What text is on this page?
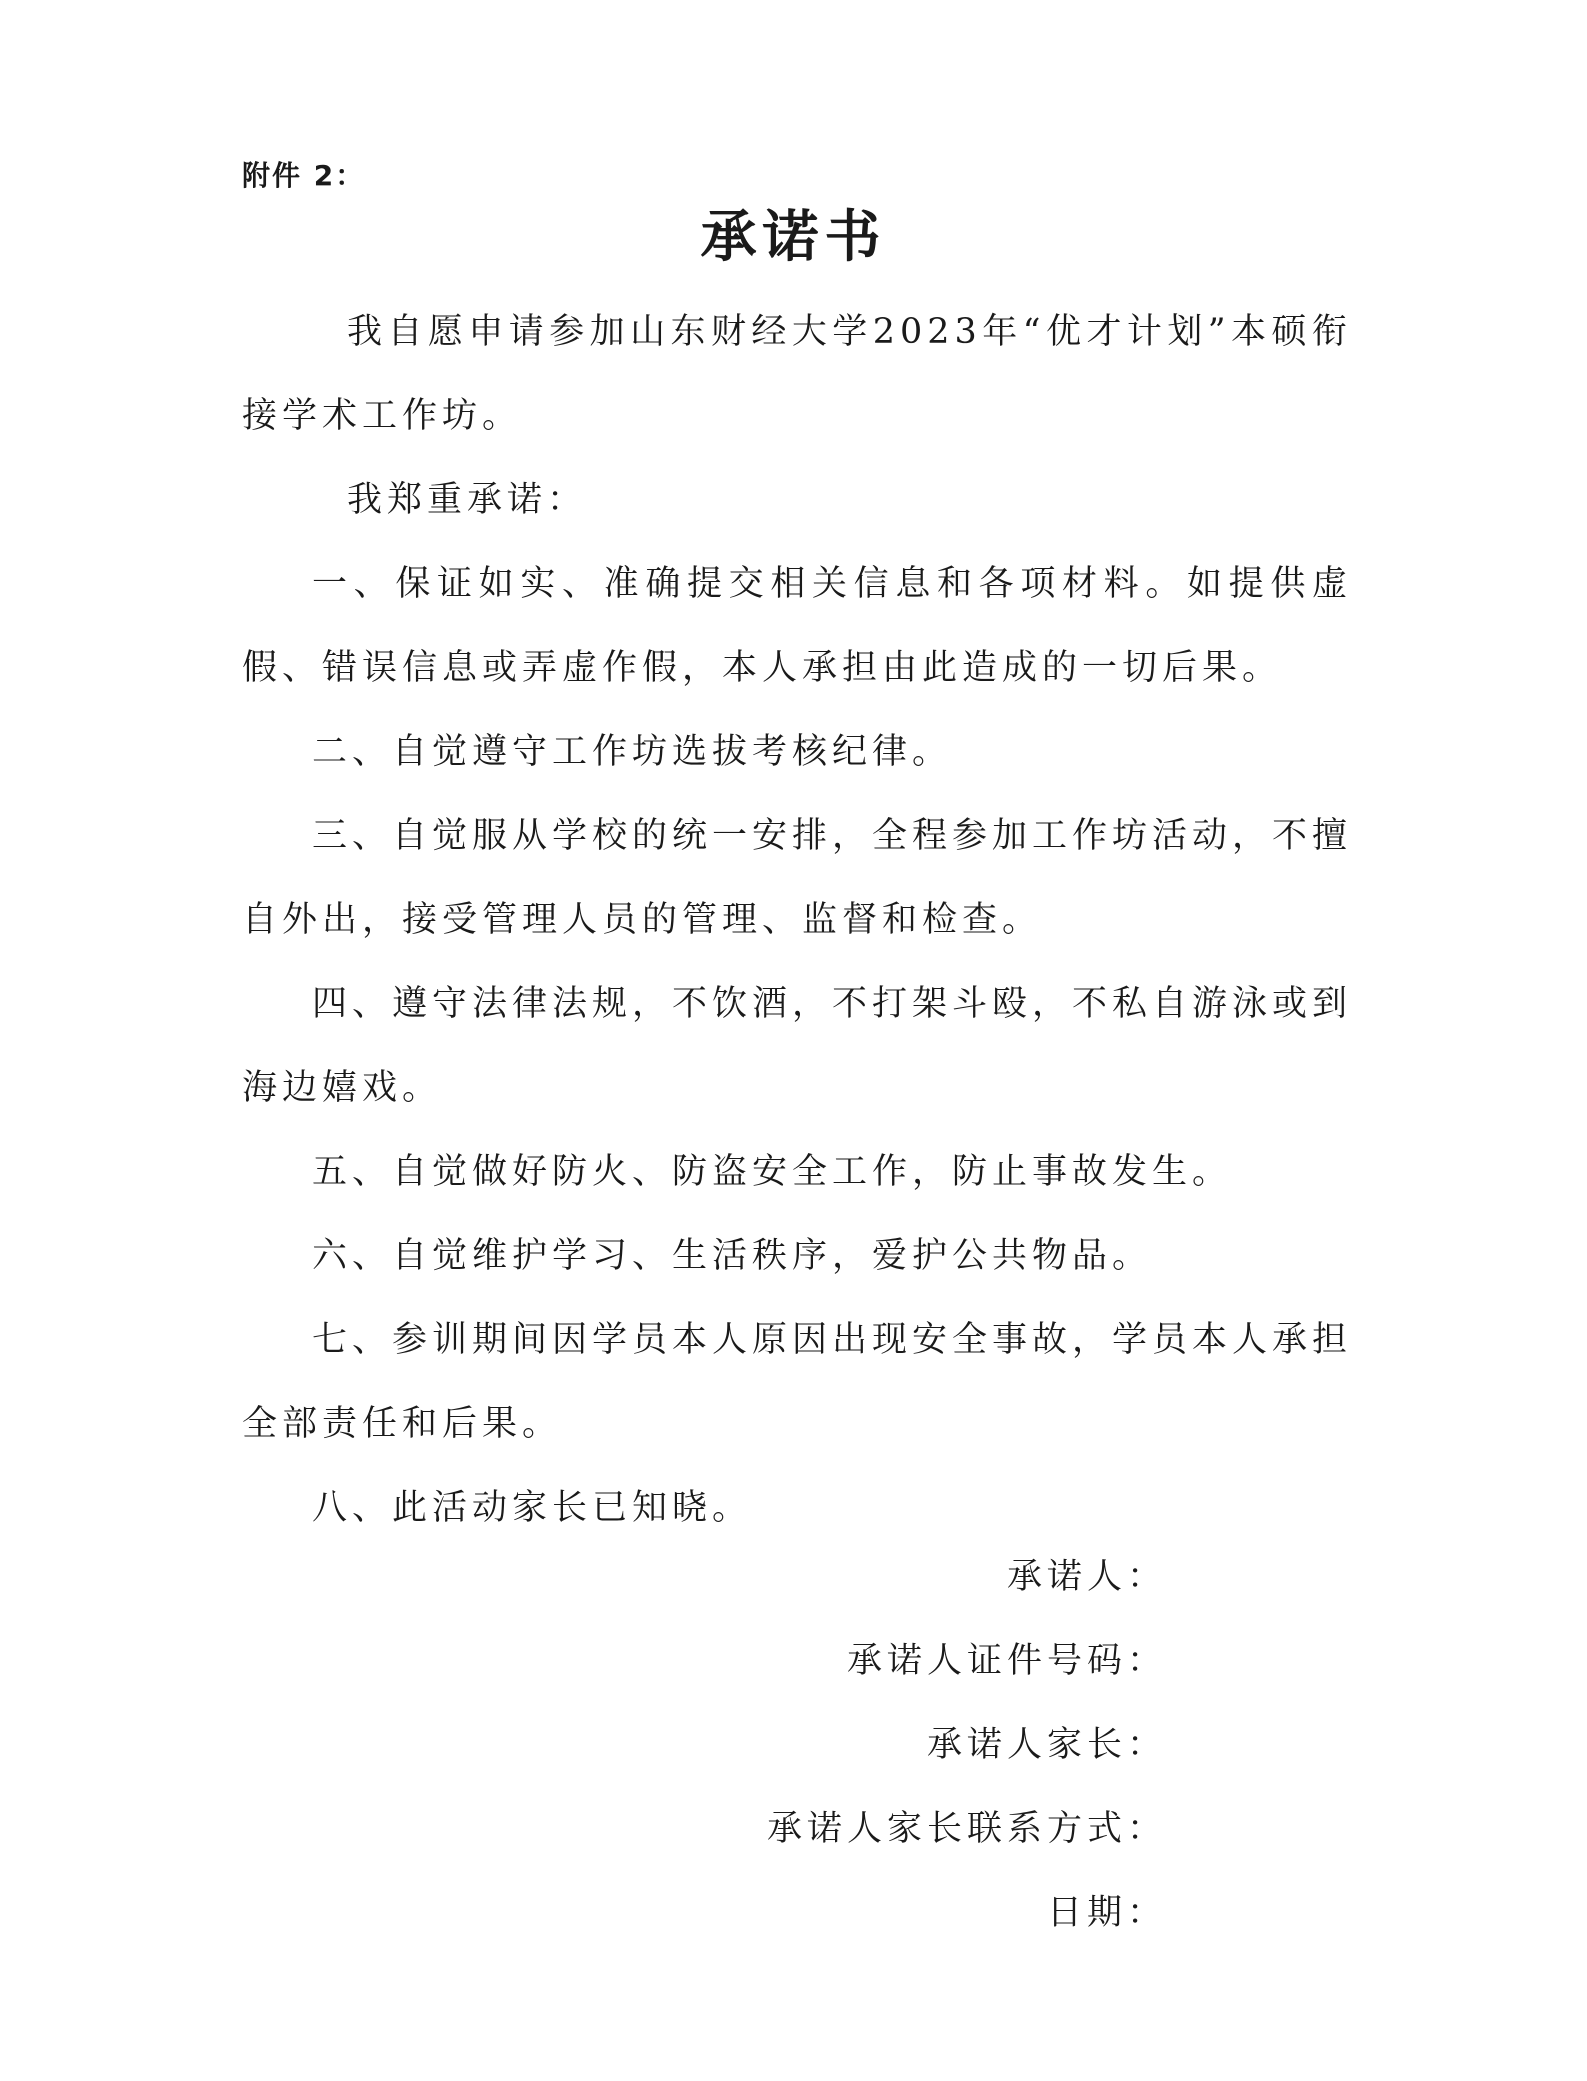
附件 2：
承诺书

我自愿申请参加山东财经大学2023年“优才计划”本硕衔接学术工作坊。

我郑重承诺：

一、保证如实、准确提交相关信息和各项材料。如提供虚假、错误信息或弄虚作假，本人承担由此造成的一切后果。

二、自觉遵守工作坊选拔考核纪律。

三、自觉服从学校的统一安排，全程参加工作坊活动，不擅自外出，接受管理人员的管理、监督和检查。

四、遵守法律法规，不饮酒，不打架斗殴，不私自游泳或到海边嬉戏。

五、自觉做好防火、防盗安全工作，防止事故发生。

六、自觉维护学习、生活秩序，爱护公共物品。

七、参训期间因学员本人原因出现安全事故，学员本人承担全部责任和后果。

八、此活动家长已知晓。

承诺人：

承诺人证件号码：

承诺人家长：

承诺人家长联系方式：

日期：
